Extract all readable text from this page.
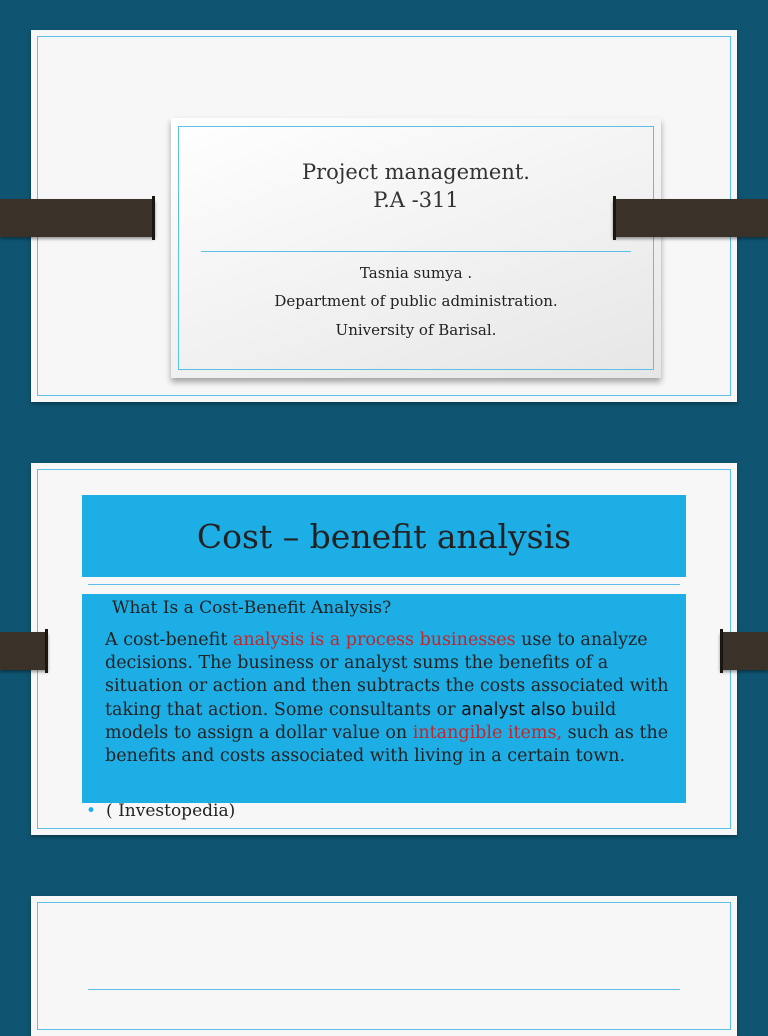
Project management.
P.A -311
Tasnia sumya .
Department of public administration.
University of Barisal.
Cost – benefit analysis
What Is a Cost-Benefit Analysis?
A cost-benefit analysis is a process businesses use to analyze decisions. The business or analyst sums the benefits of a situation or action and then subtracts the costs associated with taking that action. Some consultants or analyst also build models to assign a dollar value on intangible items, such as the benefits and costs associated with living in a certain town.
• ( Investopedia)
